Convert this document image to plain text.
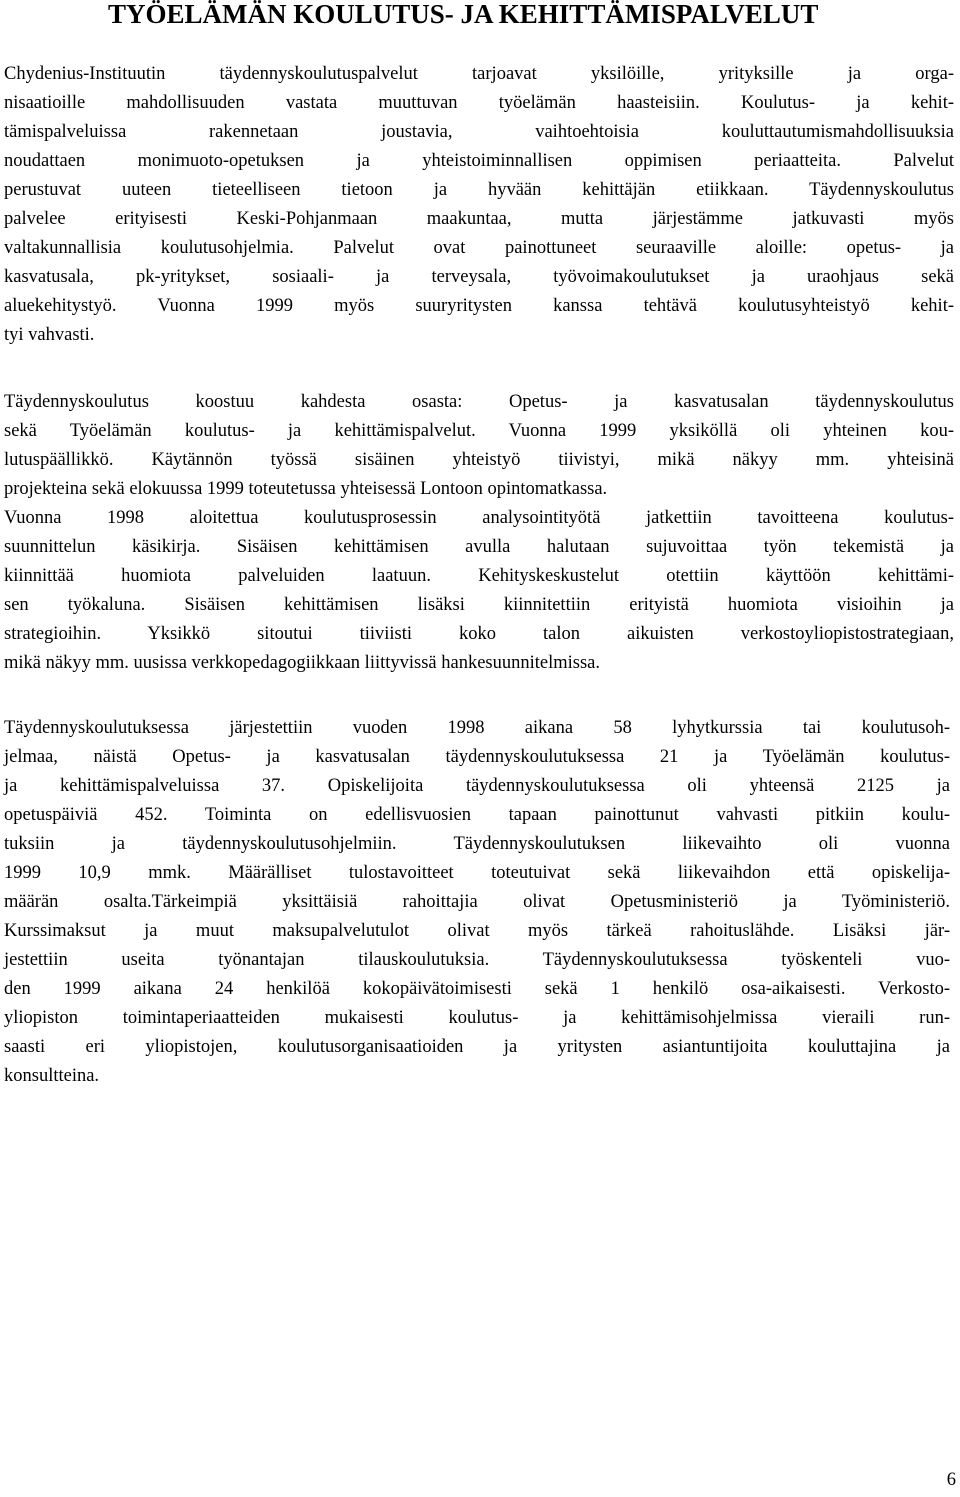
TYÖELÄMÄN KOULUTUS- JA KEHITTÄMISPALVELUT
Chydenius-Instituutin täydennyskoulutuspalvelut tarjoavat yksilöille, yrityksille ja orga-
nisaatioille mahdollisuuden vastata muuttuvan työelämän haasteisiin. Koulutus- ja kehit-
tämispalveluissa rakennetaan joustavia, vaihtoehtoisia kouluttautumismahdollisuuksia
noudattaen monimuoto-opetuksen ja yhteistoiminnallisen oppimisen periaatteita. Palvelut
perustuvat uuteen tieteelliseen tietoon ja hyvään kehittäjän etiikkaan. Täydennyskoulutus
palvelee erityisesti Keski-Pohjanmaan maakuntaa, mutta järjestämme jatkuvasti myös
valtakunnallisia koulutusohjelmia. Palvelut ovat painottuneet seuraaville aloille: opetus- ja
kasvatusala, pk-yritykset, sosiaali- ja terveysala, työvoimakoulutukset ja uraohjaus sekä
aluekehitystyö. Vuonna 1999 myös suuryritysten kanssa tehtävä koulutusyhteistyö kehit-
tyi vahvasti.
Täydennyskoulutus koostuu kahdesta osasta: Opetus- ja kasvatusalan täydennyskoulutus
sekä Työelämän koulutus- ja kehittämispalvelut. Vuonna 1999 yksiköllä oli yhteinen kou-
lutuspäällikkö. Käytännön työssä sisäinen yhteistyö tiivistyi, mikä näkyy mm. yhteisinä
projekteina sekä elokuussa 1999 toteutetussa yhteisessä Lontoon opintomatkassa.
Vuonna 1998 aloitettua koulutusprosessin analysointityötä jatkettiin tavoitteena koulutus-
suunnittelun käsikirja. Sisäisen kehittämisen avulla halutaan sujuvoittaa työn tekemistä ja
kiinnittää huomiota palveluiden laatuun. Kehityskeskustelut otettiin käyttöön kehittämi-
sen työkaluna. Sisäisen kehittämisen lisäksi kiinnitettiin erityistä huomiota visioihin ja
strategioihin. Yksikkö sitoutui tiiviisti koko talon aikuisten verkostoyliopistostrategiaan,
mikä näkyy mm. uusissa verkkopedagogiikkaan liittyvissä hankesuunnitelmissa.
Täydennyskoulutuksessa järjestettiin vuoden 1998 aikana 58 lyhytkurssia tai koulutusoh-
jelmaa, näistä Opetus- ja kasvatusalan täydennyskoulutuksessa 21 ja Työelämän koulutus-
ja kehittämispalveluissa 37. Opiskelijoita täydennyskoulutuksessa oli yhteensä 2125 ja
opetuspäiviä 452. Toiminta on edellisvuosien tapaan painottunut vahvasti pitkiin koulu-
tuksiin ja täydennyskoulutusohjelmiin. Täydennyskoulutuksen liikevaihto oli vuonna
1999 10,9 mmk. Määrälliset tulostavoitteet toteutuivat sekä liikevaihdon että opiskelija-
määrän osalta.Tärkeimpiä yksittäisiä rahoittajia olivat Opetusministeriö ja Työministeriö.
Kurssimaksut ja muut maksupalvelutulot olivat myös tärkeä rahoituslähde. Lisäksi jär-
jestettiin useita työnantajan tilauskoulutuksia. Täydennyskoulutuksessa työskenteli vuo-
den 1999 aikana 24 henkilöä kokopäivätoimisesti sekä 1 henkilö osa-aikaisesti. Verkosto-
yliopiston toimintaperiaatteiden mukaisesti koulutus- ja kehittämisohjelmissa vieraili run-
saasti eri yliopistojen, koulutusorganisaatioiden ja yritysten asiantuntijoita kouluttajina ja
konsultteina.
6
